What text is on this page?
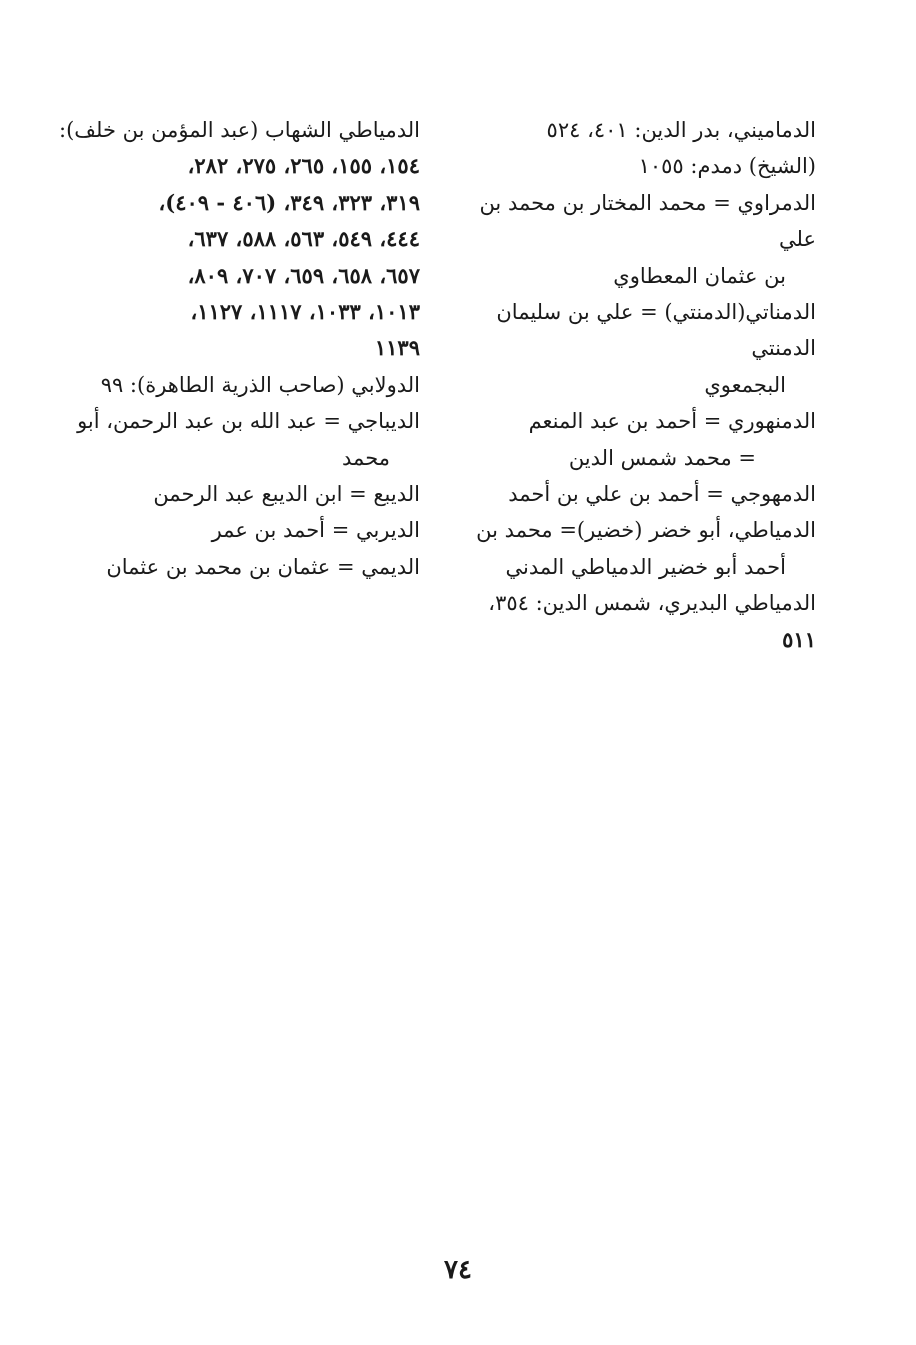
الدماميني، بدر الدين: ٤٠١، ٥٢٤
(الشيخ) دمدم: ١٠٥٥

الدمراوي = محمد المختار بن محمد بن علي
بن عثمان المعطاوي

الدمناتي(الدمنتي) = علي بن سليمان الدمنتي
البجمعوي

الدمنهوري = أحمد بن عبد المنعم
= محمد شمس الدين

الدمهوجي = أحمد بن علي بن أحمد

الدمياطي، أبو خضر (خضير)= محمد بن
أحمد أبو خضير الدمياطي المدني

الدمياطي البديري، شمس الدين: ٣٥٤،
٥١١

الدمياطي الشهاب (عبد المؤمن بن خلف):
١٥٤، ١٥٥، ٢٦٥، ٢٧٥، ٢٨٢،
٣١٩، ٣٢٣، ٣٤٩، (٤٠٦ - ٤٠٩)،
٤٤٤، ٥٤٩، ٥٦٣، ٥٨٨، ٦٣٧،
٦٥٧، ٦٥٨، ٦٥٩، ٧٠٧، ٨٠٩،
١٠١٣، ١٠٣٣، ١١١٧، ١١٢٧،
١١٣٩

الدولابي (صاحب الذرية الطاهرة): ٩٩

الديباجي = عبد الله بن عبد الرحمن، أبو
محمد

الديبع = ابن الديبع عبد الرحمن

الديربي = أحمد بن عمر

الديمي = عثمان بن محمد بن عثمان

٧٤
